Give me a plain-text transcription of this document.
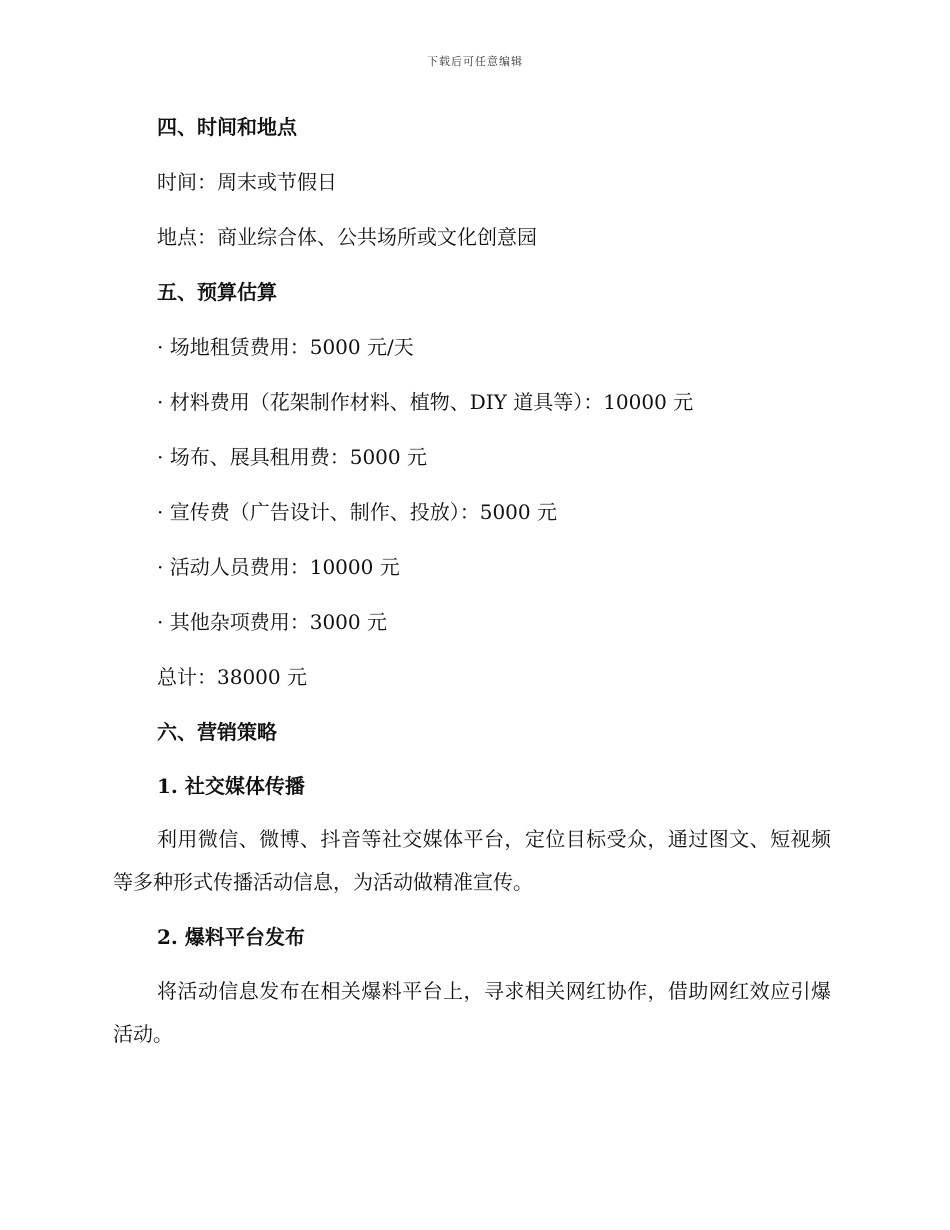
下载后可任意编辑
四、时间和地点
时间：周末或节假日
地点：商业综合体、公共场所或文化创意园
五、预算估算
· 场地租赁费用：5000 元/天
· 材料费用（花架制作材料、植物、DIY 道具等）：10000 元
· 场布、展具租用费：5000 元
· 宣传费（广告设计、制作、投放）：5000 元
· 活动人员费用：10000 元
· 其他杂项费用：3000 元
总计：38000 元
六、营销策略
1. 社交媒体传播
利用微信、微博、抖音等社交媒体平台，定位目标受众，通过图文、短视频等多种形式传播活动信息，为活动做精准宣传。
2. 爆料平台发布
将活动信息发布在相关爆料平台上，寻求相关网红协作，借助网红效应引爆活动。
